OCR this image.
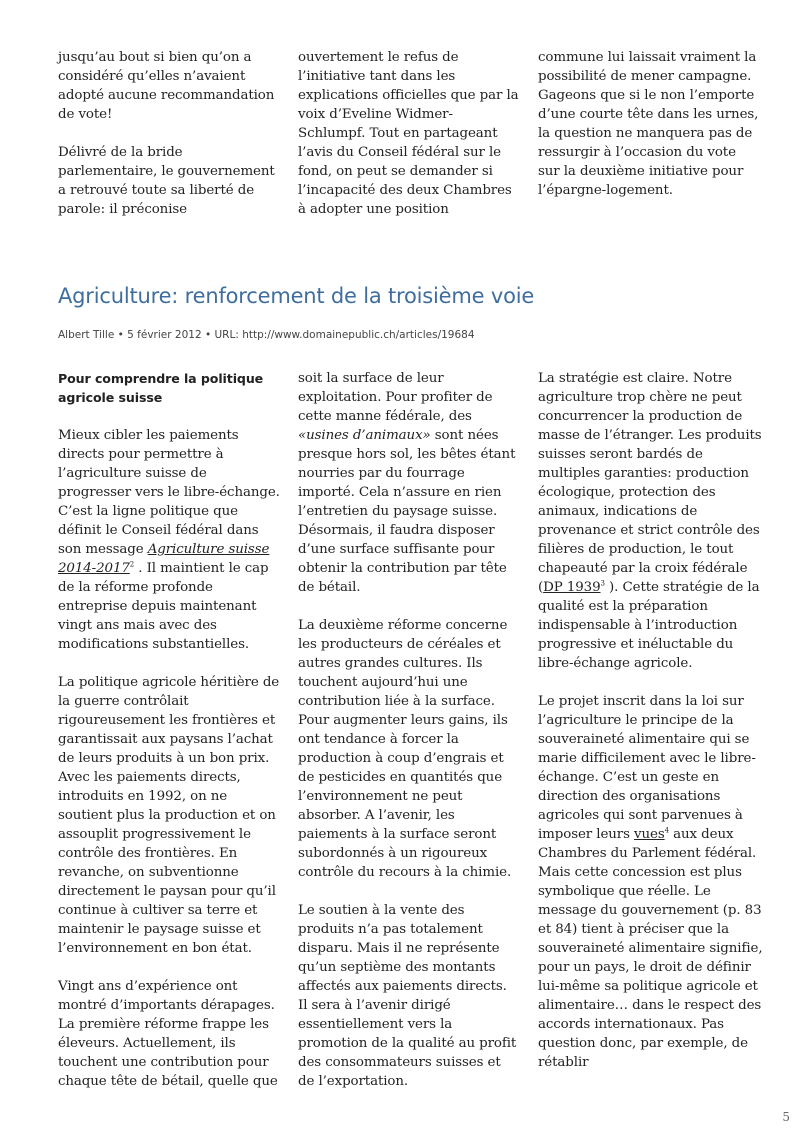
jusqu’au bout si bien qu’on a considéré qu’elles n’avaient adopté aucune recommandation de vote!

Délivré de la bride parlementaire, le gouvernement a retrouvé toute sa liberté de parole: il préconise

ouvertement le refus de l’initiative tant dans les explications officielles que par la voix d’Eveline Widmer-Schlumpf. Tout en partageant l’avis du Conseil fédéral sur le fond, on peut se demander si l’incapacité des deux Chambres à adopter une position

commune lui laissait vraiment la possibilité de mener campagne. Gageons que si le non l’emporte d’une courte tête dans les urnes, la question ne manquera pas de ressurgir à l’occasion du vote sur la deuxième initiative pour l’épargne-logement.

Agriculture: renforcement de la troisième voie
Albert Tille • 5 février 2012 • URL: http://www.domainepublic.ch/articles/19684
Pour comprendre la politique agricole suisse

Mieux cibler les paiements directs pour permettre à l’agriculture suisse de progresser vers le libre-échange. C’est la ligne politique que définit le Conseil fédéral dans son message Agriculture suisse 2014-2017$^2$ . Il maintient le cap de la réforme profonde entreprise depuis maintenant vingt ans mais avec des modifications substantielles.

La politique agricole héritière de la guerre contrôlait rigoureusement les frontières et garantissait aux paysans l’achat de leurs produits à un bon prix. Avec les paiements directs, introduits en 1992, on ne soutient plus la production et on assouplit progressivement le contrôle des frontières. En revanche, on subventionne directement le paysan pour qu’il continue à cultiver sa terre et maintenir le paysage suisse et l’environnement en bon état.

Vingt ans d’expérience ont montré d’importants dérapages. La première réforme frappe les éleveurs. Actuellement, ils touchent une contribution pour chaque tête de bétail, quelle que

soit la surface de leur exploitation. Pour profiter de cette manne fédérale, des «usines d’animaux» sont nées presque hors sol, les bêtes étant nourries par du fourrage importé. Cela n’assure en rien l’entretien du paysage suisse. Désormais, il faudra disposer d’une surface suffisante pour obtenir la contribution par tête de bétail.

La deuxième réforme concerne les producteurs de céréales et autres grandes cultures. Ils touchent aujourd’hui une contribution liée à la surface. Pour augmenter leurs gains, ils ont tendance à forcer la production à coup d’engrais et de pesticides en quantités que l’environnement ne peut absorber. A l’avenir, les paiements à la surface seront subordonnés à un rigoureux contrôle du recours à la chimie.

Le soutien à la vente des produits n’a pas totalement disparu. Mais il ne représente qu’un septième des montants affectés aux paiements directs. Il sera à l’avenir dirigé essentiellement vers la promotion de la qualité au profit des consommateurs suisses et de l’exportation.

La stratégie est claire. Notre agriculture trop chère ne peut concurrencer la production de masse de l’étranger. Les produits suisses seront bardés de multiples garanties: production écologique, protection des animaux, indications de provenance et strict contrôle des filières de production, le tout chapeauté par la croix fédérale (DP 1939$^3$ ). Cette stratégie de la qualité est la préparation indispensable à l’introduction progressive et inéluctable du libre-échange agricole.

Le projet inscrit dans la loi sur l’agriculture le principe de la souveraineté alimentaire qui se marie difficilement avec le libre-échange. C’est un geste en direction des organisations agricoles qui sont parvenues à imposer leurs vues$^4$ aux deux Chambres du Parlement fédéral. Mais cette concession est plus symbolique que réelle. Le message du gouvernement (p. 83 et 84) tient à préciser que la souveraineté alimentaire signifie, pour un pays, le droit de définir lui-même sa politique agricole et alimentaire… dans le respect des accords internationaux. Pas question donc, par exemple, de rétablir

5
